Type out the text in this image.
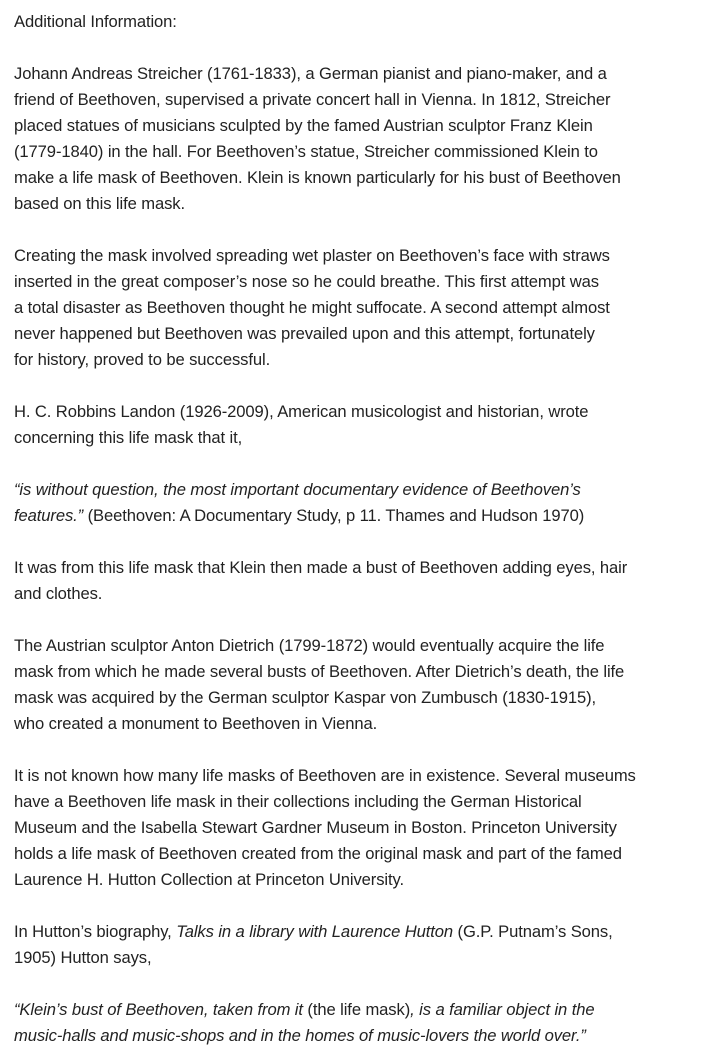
Additional Information:

Johann Andreas Streicher (1761-1833), a German pianist and piano-maker, and a
friend of Beethoven, supervised a private concert hall in Vienna. In 1812, Streicher
placed statues of musicians sculpted by the famed Austrian sculptor Franz Klein
(1779-1840) in the hall. For Beethoven’s statue, Streicher commissioned Klein to
make a life mask of Beethoven. Klein is known particularly for his bust of Beethoven
based on this life mask.

Creating the mask involved spreading wet plaster on Beethoven’s face with straws
inserted in the great composer’s nose so he could breathe. This first attempt was
a total disaster as Beethoven thought he might suffocate. A second attempt almost
never happened but Beethoven was prevailed upon and this attempt, fortunately
for history, proved to be successful.

H. C. Robbins Landon (1926-2009), American musicologist and historian, wrote
concerning this life mask that it,

“is without question, the most important documentary evidence of Beethoven’s
features.” (Beethoven: A Documentary Study, p 11. Thames and Hudson 1970)

It was from this life mask that Klein then made a bust of Beethoven adding eyes, hair
and clothes.

The Austrian sculptor Anton Dietrich (1799-1872) would eventually acquire the life
mask from which he made several busts of Beethoven. After Dietrich’s death, the life
mask was acquired by the German sculptor Kaspar von Zumbusch (1830-1915),
who created a monument to Beethoven in Vienna.

It is not known how many life masks of Beethoven are in existence. Several museums
have a Beethoven life mask in their collections including the German Historical
Museum and the Isabella Stewart Gardner Museum in Boston. Princeton University
holds a life mask of Beethoven created from the original mask and part of the famed
Laurence H. Hutton Collection at Princeton University.

In Hutton’s biography, Talks in a library with Laurence Hutton (G.P. Putnam’s Sons,
1905) Hutton says,

“Klein’s bust of Beethoven, taken from it (the life mask), is a familiar object in the
music-halls and music-shops and in the homes of music-lovers the world over.”
